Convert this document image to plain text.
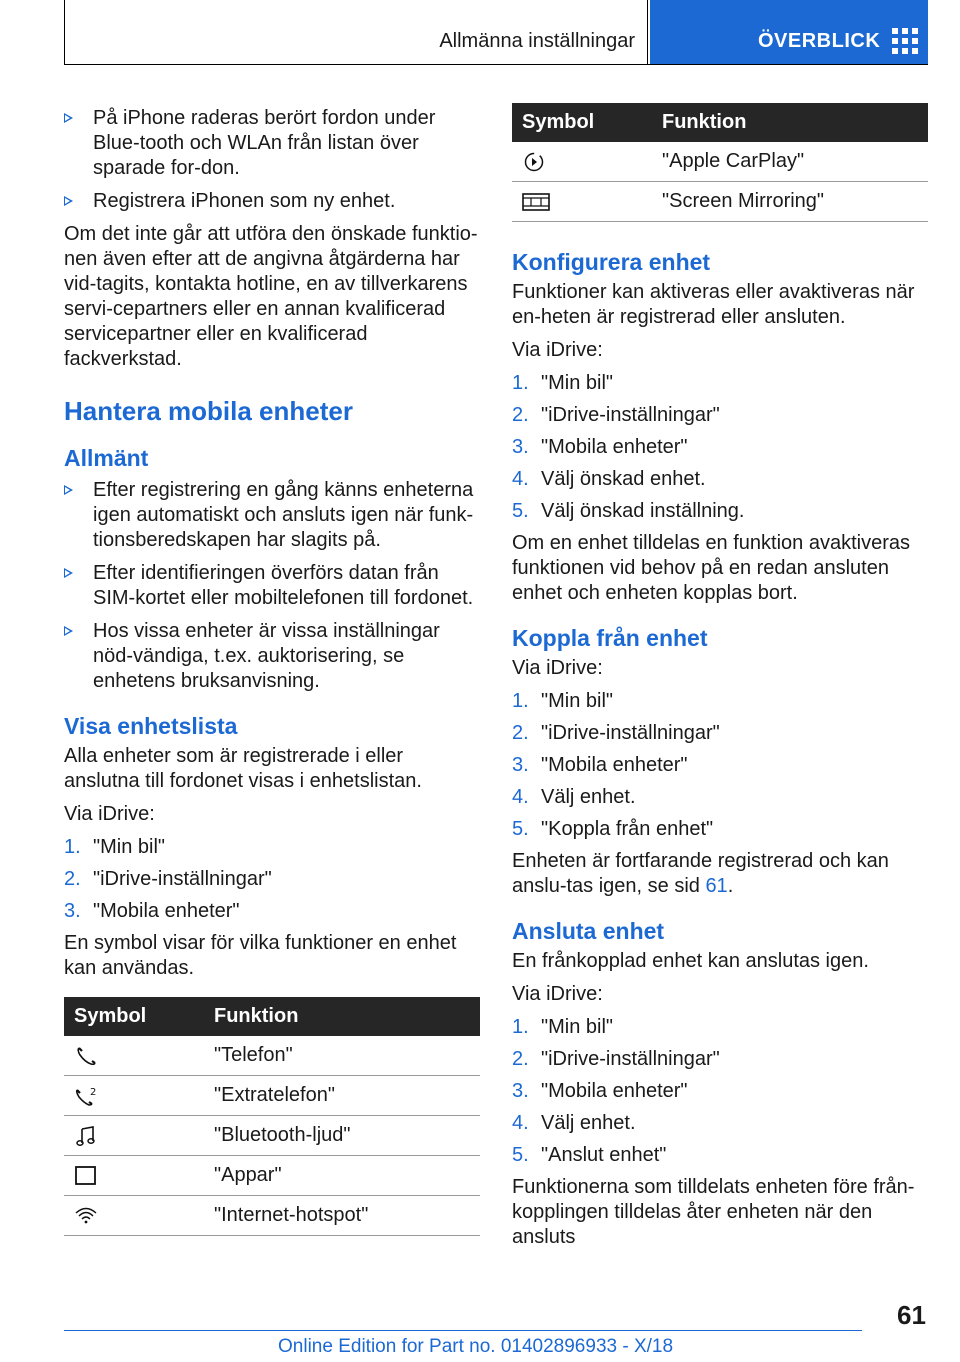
Allmänna inställningar	ÖVERBLICK
På iPhone raderas berört fordon under Blue-tooth och WLAn från listan över sparade for-don.
Registrera iPhonen som ny enhet.

Om det inte går att utföra den önskade funktio-nen även efter att de angivna åtgärderna har vid-tagits, kontakta hotline, en av tillverkarens servi-cepartners eller en annan kvalificerad servicepartner eller en kvalificerad fackverkstad.

Hantera mobila enheter
Allmänt
Efter registrering en gång känns enheterna igen automatiskt och ansluts igen när funk-tionsberedskapen har slagits på.
Efter identifieringen överförs datan från SIM-kortet eller mobiltelefonen till fordonet.
Hos vissa enheter är vissa inställningar nöd-vändiga, t.ex. auktorisering, se enhetens bruksanvisning.
Visa enhetslista

Alla enheter som är registrerade i eller anslutna till fordonet visas i enhetslistan.

Via iDrive:

1. "Min bil"
2. "iDrive-inställningar"
3. "Mobila enheter"

En symbol visar för vilka funktioner en enhet kan användas.

Symbol	Funktion
	"Telefon"

2	"Extratelefon"
	"Bluetooth-ljud"
	"Appar"
	"Internet-hotspot"
Symbol	Funktion
	"Apple CarPlay"
	"Screen Mirroring"
Konfigurera enhet

Funktioner kan aktiveras eller avaktiveras när en-heten är registrerad eller ansluten.

Via iDrive:

1. "Min bil"
2. "iDrive-inställningar"
3. "Mobila enheter"
4. Välj önskad enhet.
5. Välj önskad inställning.

Om en enhet tilldelas en funktion avaktiveras funktionen vid behov på en redan ansluten enhet och enheten kopplas bort.

Koppla från enhet

Via iDrive:

1. "Min bil"
2. "iDrive-inställningar"
3. "Mobila enheter"
4. Välj enhet.
5. "Koppla från enhet"

Enheten är fortfarande registrerad och kan anslu-tas igen, se sid 61.

Ansluta enhet

En frånkopplad enhet kan anslutas igen.

Via iDrive:

1. "Min bil"
2. "iDrive-inställningar"
3. "Mobila enheter"
4. Välj enhet.
5. "Anslut enhet"

Funktionerna som tilldelats enheten före från-kopplingen tilldelas åter enheten när den ansluts

61
Online Edition for Part no. 01402896933 - X/18
